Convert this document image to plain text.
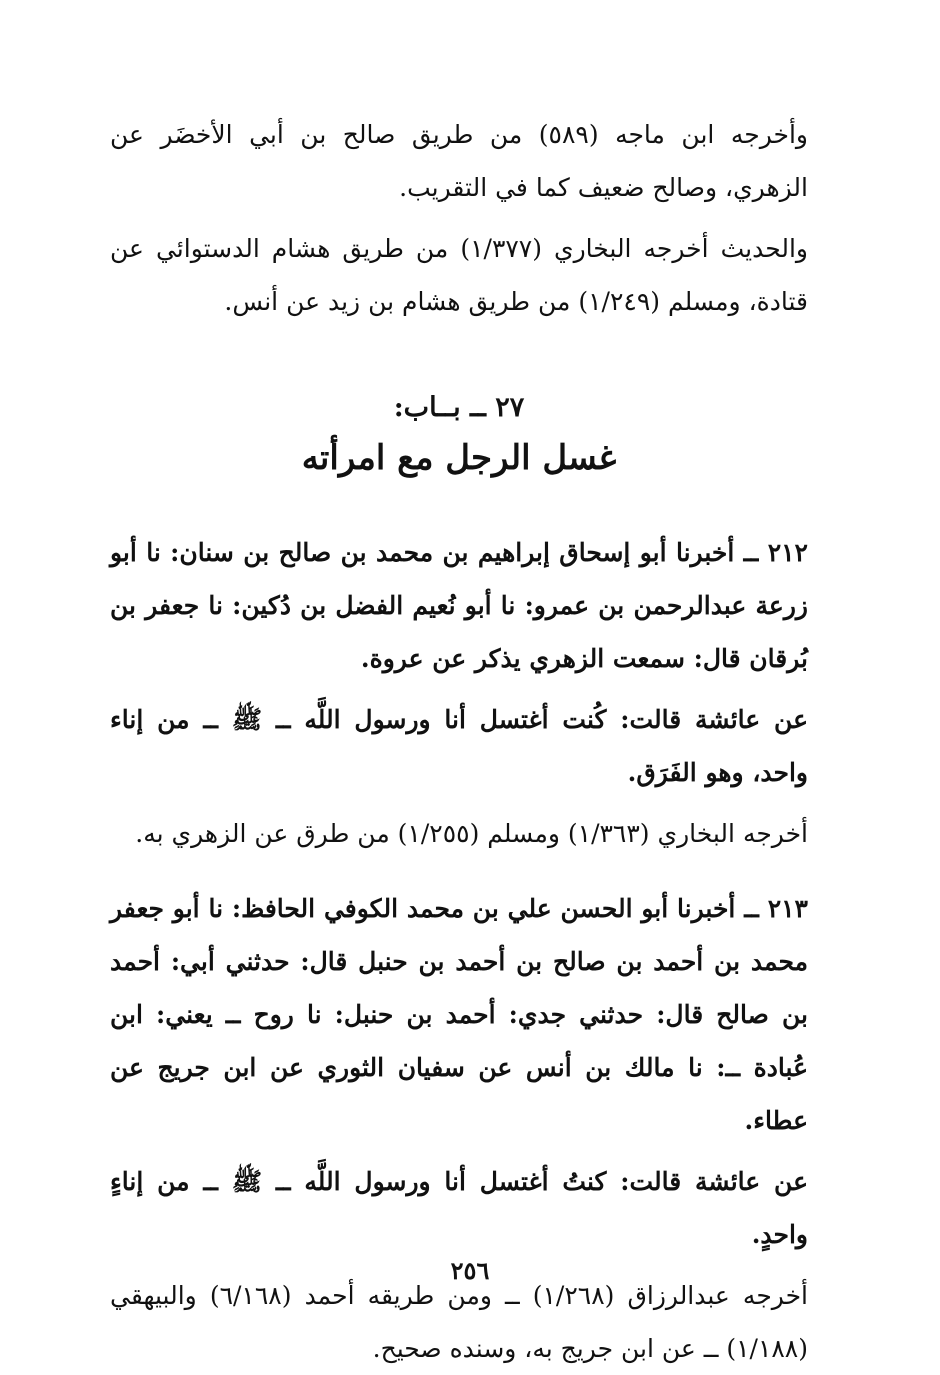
وأخرجه ابن ماجه (٥٨٩) من طريق صالح بن أبي الأخضَر عن الزهري، وصالح ضعيف كما في التقريب.

والحديث أخرجه البخاري (١/٣٧٧) من طريق هشام الدستوائي عن قتادة، ومسلم (١/٢٤٩) من طريق هشام بن زيد عن أنس.

٢٧ ــ بــاب:

غسل الرجل مع امرأته

٢١٢ ــ أخبرنا أبو إسحاق إبراهيم بن محمد بن صالح بن سنان: نا أبو زرعة عبدالرحمن بن عمرو: نا أبو نُعيم الفضل بن دُكين: نا جعفر بن بُرقان قال: سمعت الزهري يذكر عن عروة.

عن عائشة قالت: كُنت أغتسل أنا ورسول اللَّه ــ ﷺ ــ من إناء واحد، وهو الفَرَق.

أخرجه البخاري (١/٣٦٣) ومسلم (١/٢٥٥) من طرق عن الزهري به.

٢١٣ ــ أخبرنا أبو الحسن علي بن محمد الكوفي الحافظ: نا أبو جعفر محمد بن أحمد بن صالح بن أحمد بن حنبل قال: حدثني أبي: أحمد بن صالح قال: حدثني جدي: أحمد بن حنبل: نا روح ــ يعني: ابن عُبادة ــ: نا مالك بن أنس عن سفيان الثوري عن ابن جريج عن عطاء.

عن عائشة قالت: كنتُ أغتسل أنا ورسول اللَّه ــ ﷺ ــ من إناءٍ واحدٍ.

أخرجه عبدالرزاق (١/٢٦٨) ــ ومن طريقه أحمد (٦/١٦٨) والبيهقي (١/١٨٨) ــ عن ابن جريج به، وسنده صحيح.

٢٥٦
